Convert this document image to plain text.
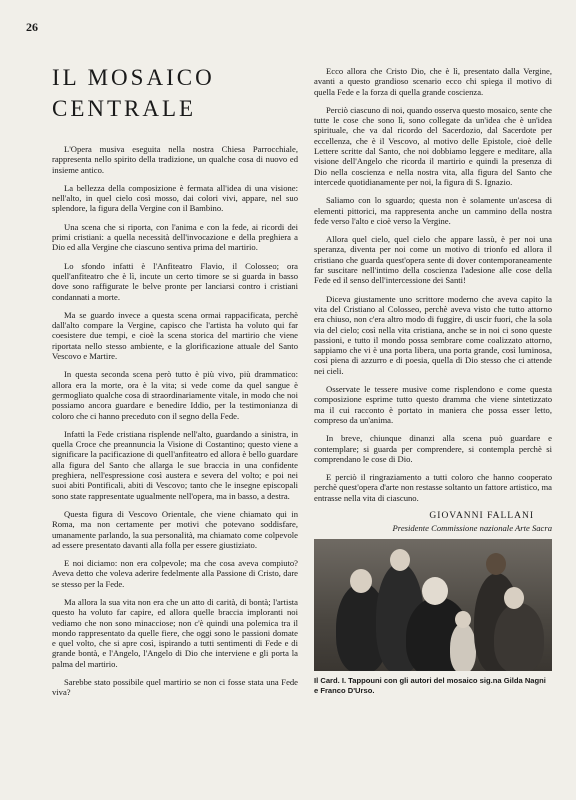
26
IL MOSAICO
CENTRALE

L'Opera musiva eseguita nella nostra Chiesa Parrocchiale, rappresenta nello spirito della tradizione, un qualche cosa di nuovo ed insieme antico.

La bellezza della composizione è fermata all'idea di una visione: nell'alto, in quel cielo così mosso, dai colori vivi, appare, nel suo splendore, la figura della Vergine con il Bambino.

Una scena che si riporta, con l'anima e con la fede, ai ricordi dei primi cristiani: a quella necessità dell'invocazione e della preghiera a Dio ed alla Vergine che ciascuno sentiva prima del martirio.

Lo sfondo infatti è l'Anfiteatro Flavio, il Colosseo; ora quell'anfiteatro che è lì, incute un certo timore se si guarda in basso dove sono raffigurate le belve pronte per lanciarsi contro i cristiani condannati a morte.

Ma se guardo invece a questa scena ormai rappacificata, perchè dall'alto compare la Vergine, capisco che l'artista ha voluto qui far coesistere due tempi, e cioè la scena storica del martirio che viene riportata nello stesso ambiente, e la glorificazione attuale del Santo Vescovo e Martire.

In questa seconda scena però tutto è più vivo, più drammatico: allora era la morte, ora è la vita; si vede come da quel sangue è germogliato qualche cosa di straordinariamente vitale, in modo che noi possiamo ancora guardare e benedire Iddio, per la testimonianza di coloro che ci hanno preceduto con il segno della Fede.

Infatti la Fede cristiana risplende nell'alto, guardando a sinistra, in quella Croce che preannuncia la Visione di Costantino; questo viene a significare la pacificazione di quell'anfiteatro ed allora è bello guardare alla figura del Santo che allarga le sue braccia in una confidente preghiera, nell'espressione così austera e severa del volto; e poi nei suoi abiti Pontificali, abiti di Vescovo; tanto che le insegne episcopali sono state rappresentate ugualmente nell'opera, ma in basso, a destra.

Questa figura di Vescovo Orientale, che viene chiamato qui in Roma, ma non certamente per motivi che potevano soddisfare, umanamente parlando, la sua personalità, ma chiamato come colpevole ad essere presentato davanti alla folla per essere giustiziato.

E noi diciamo: non era colpevole; ma che cosa aveva compiuto? Aveva detto che voleva aderire fedelmente alla Passione di Cristo, dare se stesso per la Fede.

Ma allora la sua vita non era che un atto di carità, di bontà; l'artista questo ha voluto far capire, ed allora quelle braccia imploranti noi vediamo che non sono minacciose; non c'è quindi una polemica tra il mondo rappresentato da quelle fiere, che oggi sono le passioni domate e quel volto, che si apre così, ispirando a tutti sentimenti di Fede e di grande bontà, e l'Angelo, l'Angelo di Dio che interviene e gli porta la palma del martirio.

Sarebbe stato possibile quel martirio se non ci fosse stata una Fede viva?

Ecco allora che Cristo Dio, che è lì, presentato dalla Vergine, avanti a questo grandioso scenario ecco chi spiega il motivo di quella Fede e la forza di quella grande coscienza.

Perciò ciascuno di noi, quando osserva questo mosaico, sente che tutte le cose che sono lì, sono collegate da un'idea che è un'idea spirituale, che va dal ricordo del Sacerdozio, dal Sacerdote per eccellenza, che è il Vescovo, al motivo delle Epistole, cioè delle Lettere scritte dal Santo, che noi dobbiamo leggere e meditare, alla visione dell'Angelo che ricorda il martirio e quindi la presenza di Dio nella coscienza e nella nostra vita, alla figura del Santo che intercede quotidianamente per noi, la figura di S. Ignazio.

Saliamo con lo sguardo; questa non è solamente un'ascesa di elementi pittorici, ma rappresenta anche un cammino della nostra fede verso l'alto e cioè verso la Vergine.

Allora quel cielo, quel cielo che appare lassù, è per noi una speranza, diventa per noi come un motivo di trionfo ed allora il cristiano che guarda quest'opera sente di dover contemporaneamente far suscitare nell'intimo della coscienza l'adesione alle cose della Fede ed il senso dell'intercessione dei Santi!

Diceva giustamente uno scrittore moderno che aveva capito la vita del Cristiano al Colosseo, perchè aveva visto che tutto attorno era chiuso, non c'era altro modo di fuggire, di uscir fuori, che la sola via del cielo; così nella vita cristiana, anche se in noi ci sono queste passioni, e tutto il mondo possa sembrare come coalizzato attorno, sappiamo che vi è una porta libera, una porta grande, così luminosa, così piena di azzurro e di poesia, quella di Dio stesso che ci attende nei cieli.

Osservate le tessere musive come risplendono e come questa composizione esprime tutto questo dramma che viene sintetizzato ma il cui racconto è portato in maniera che possa esser letto, compreso da un'anima.

In breve, chiunque dinanzi alla scena può guardare e contemplare; si guarda per comprendere, si contempla perchè si comprendano le cose di Dio.

E perciò il ringraziamento a tutti coloro che hanno cooperato perchè quest'opera d'arte non restasse soltanto un fattore artistico, ma entrasse nella vita di ciascuno.

GIOVANNI FALLANI
Presidente Commissione nazionale Arte Sacra
Il Card. I. Tappouni con gli autori del mosaico sig.na Gilda Nagni e Franco D'Urso.
